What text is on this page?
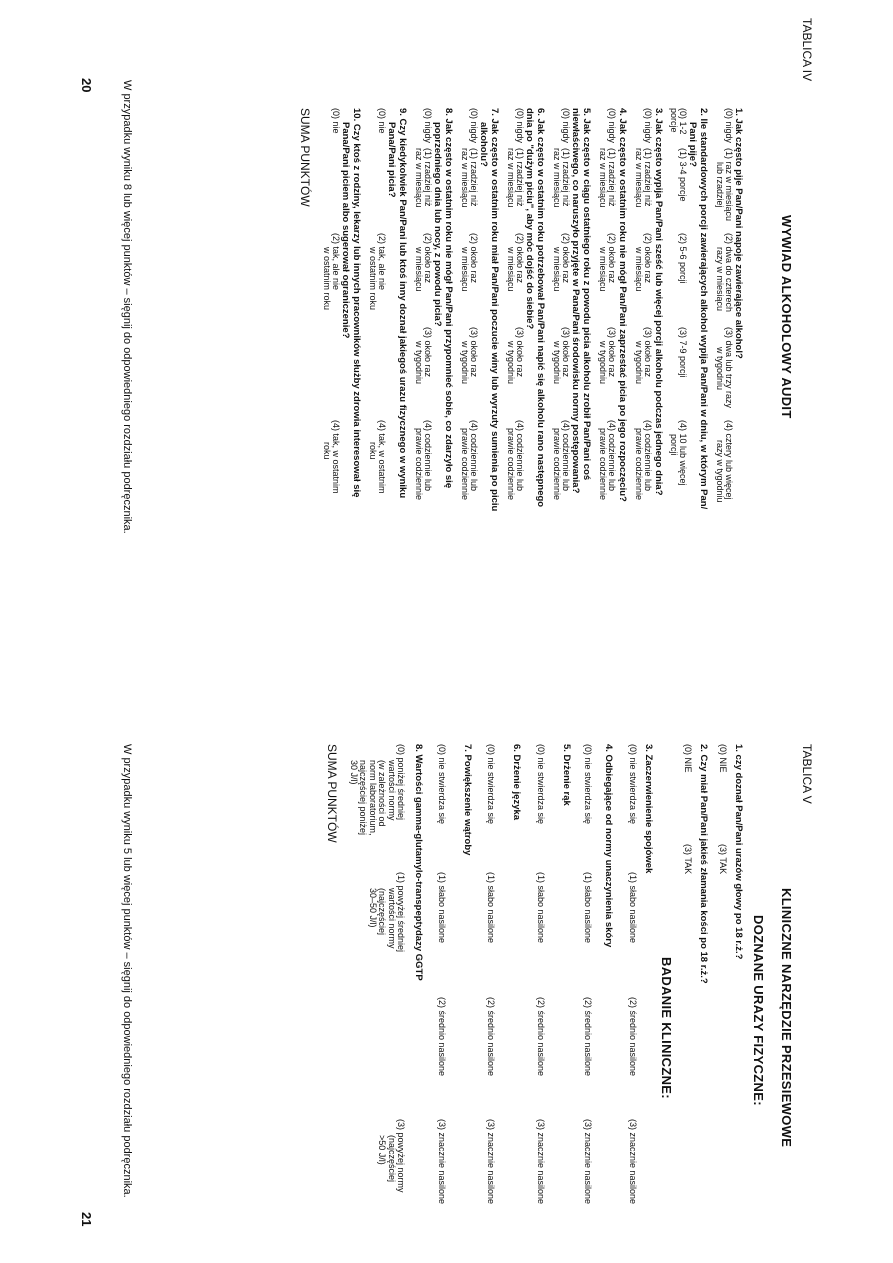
TABLICA IV
WYWIAD ALKOHOLOWY AUDIT
1. Jak często pije Pan/Pani napoje zawierające alkohol?
(0) nigdy
(1) raz w miesiącu
lub rzadziej
(2) dwa do czterech
razy w miesiącu
(3) dwa lub trzy razy
w tygodniu
(4) cztery lub więcej
razy w tygodniu
2. Ile standardowych porcji zawierających alkohol wypija Pan/Pani w dniu, w którym Pan/
Pani pije?
(0) 1-2
porcje
(1) 3-4 porcje
(2) 5-6 porcji
(3) 7-9 porcji
(4) 10 lub więcej
porcji
3. Jak często wypija Pan/Pani sześć lub więcej porcji alkoholu podczas jednego dnia?
(0) nigdy
(1) rzadziej niż
raz w miesiącu
(2) około raz
w miesiącu
(3) około raz
w tygodniu
(4) codziennie lub
prawie codziennie
4. Jak często w ostatnim roku nie mógł Pan/Pani zaprzestać picia po jego rozpoczęciu?
(0) nigdy
(1) rzadziej niż
raz w miesiącu
(2) około raz
w miesiącu
(3) około raz
w tygodniu
(4) codziennie lub
prawie codziennie
5. Jak często w ciągu ostatniego roku z powodu picia alkoholu zrobił Pan/Pani coś
niewłaściwego, co naruszyło przyjęte w Pana/Pani środowisku normy postępowania?
(0) nigdy
(1) rzadziej niż
raz w miesiącu
(2) około raz
w miesiącu
(3) około raz
w tygodniu
(4) codziennie lub
prawie codziennie
6. Jak często w ostatnim roku potrzebował Pan/Pani napić się alkoholu rano następnego
dnia po "dużym piciu", aby móc dojść do siebie?
(0) nigdy
(1) rzadziej niż
raz w miesiącu
(2) około raz
w miesiącu
(3) około raz
w tygodniu
(4) codziennie lub
prawie codziennie
7. Jak często w ostatnim roku miał Pan/Pani poczucie winy lub wyrzuty sumienia po piciu
alkoholu?
(0) nigdy
(1) rzadziej niż
raz w miesiącu
(2) około raz
w miesiącu
(3) około raz
w tygodniu
(4) codziennie lub
prawie codziennie
8. Jak często w ostatnim roku nie mógł Pan/Pani przypomnieć sobie, co zdarzyło się
poprzedniego dnia lub nocy, z powodu picia?
(0) nigdy
(1) rzadziej niż
raz w miesiącu
(2) około raz
w miesiącu
(3) około raz
w tygodniu
(4) codziennie lub
prawie codziennie
9. Czy kiedykolwiek Pan/Pani lub ktoś inny doznał jakiegoś urazu fizycznego w wyniku
Pana/Pani picia?
(0) nie
(2) tak, ale nie
w ostatnim roku
(4) tak, w ostatnim
roku
10. Czy ktoś z rodziny, lekarzy lub innych pracowników służby zdrowia interesował się
Pana/Pani piciem albo sugerował ograniczenie?
(0) nie
(2) tak, ale nie
w ostatnim roku
(4) tak, w ostatnim
roku
SUMA PUNKTÓW
W przypadku wyniku 8 lub więcej punktów – sięgnij do odpowiedniego rozdziału podręcznika.
20
TABLICA V
KLINICZNE NARZĘDZIE PRZESIEWOWE
DOZNANE URAZY FIZYCZNE:
1. czy doznał Pan/Pani urazów głowy po 18 r.ż.?
(0) NIE
(3) TAK
2. Czy miał Pan/Pani jakieś złamania kości po 18 r.ż.?
(0) NIE
(3) TAK
BADANIE KLINICZNE:
3. Zaczerwienienie spojówek
(0) nie stwierdza się
(1) słabo nasilone
(2) średnio nasilone
(3) znacznie nasilone
4. Odbiegające od normy unaczynienia skóry
(0) nie stwierdza się
(1) słabo nasilone
(2) średnio nasilone
(3) znacznie nasilone
5. Drżenie rąk
(0) nie stwierdza się
(1) słabo nasilone
(2) średnio nasilone
(3) znacznie nasilone
6. Drżenie języka
(0) nie stwierdza się
(1) słabo nasilone
(2) średnio nasilone
(3) znacznie nasilone
7. Powiększenie wątroby
(0) nie stwierdza się
(1) słabo nasilone
(2) średnio nasilone
(3) znacznie nasilone
8. Wartości gamma-glutamylo-transpeptydazy GGTP
(0) poniżej średniej
wartości normy
(w zależności od
norm laboratorium,
najczęściej poniżej
30 J/l)
(1) powyżej średniej
wartości normy
(najczęściej
30–50 J/l)
(3) powyżej normy
(najczęściej
>50 J/l)
SUMA PUNKTÓW
W przypadku wyniku 5 lub więcej punktów – sięgnij do odpowiedniego rozdziału podręcznika.
21
